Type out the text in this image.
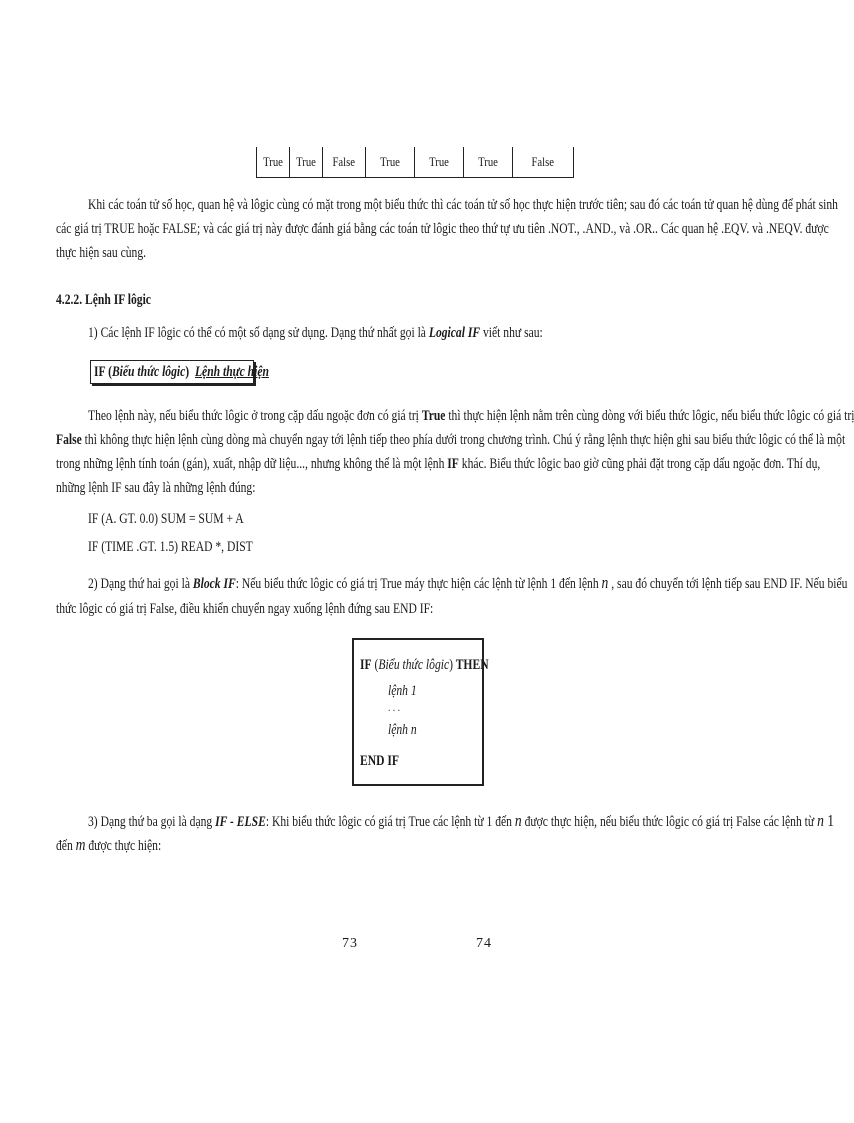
True	True	False	True	True	True	False
Khi các toán tử số học, quan hệ và lôgic cùng có mặt trong một biểu thức thì các toán tử số học thực hiện trước tiên; sau đó các toán tử quan hệ dùng để phát sinh
các giá trị TRUE hoặc FALSE; và các giá trị này được đánh giá bằng các toán tử lôgic theo thứ tự ưu tiên .NOT., .AND., và .OR.. Các quan hệ .EQV. và .NEQV. được
thực hiện sau cùng.
4.2.2. Lệnh IF lôgic
1) Các lệnh IF lôgic có thể có một số dạng sử dụng. Dạng thứ nhất gọi là Logical IF viết như sau:
IF (Biểu thức lôgic) Lệnh thực hiện
Theo lệnh này, nếu biểu thức lôgic ở trong cặp dấu ngoặc đơn có giá trị True thì thực hiện lệnh nằm trên cùng dòng với biểu thức lôgic, nếu biểu thức lôgic có giá trị
False thì không thực hiện lệnh cùng dòng mà chuyển ngay tới lệnh tiếp theo phía dưới trong chương trình. Chú ý rằng lệnh thực hiện ghi sau biểu thức lôgic có thể là một
trong những lệnh tính toán (gán), xuất, nhập dữ liệu..., nhưng không thể là một lệnh IF khác. Biểu thức lôgic bao giờ cũng phải đặt trong cặp dấu ngoặc đơn. Thí dụ,
những lệnh IF sau đây là những lệnh đúng:
IF (A. GT. 0.0) SUM = SUM + A
IF (TIME .GT. 1.5) READ *, DIST
2) Dạng thứ hai gọi là Block IF: Nếu biểu thức lôgic có giá trị True máy thực hiện các lệnh từ lệnh 1 đến lệnh n , sau đó chuyển tới lệnh tiếp sau END IF. Nếu biểu
thức lôgic có giá trị False, điều khiển chuyển ngay xuống lệnh đứng sau END IF:
IF (Biểu thức lôgic) THEN
lệnh 1
. . .
lệnh n
END IF
3) Dạng thứ ba gọi là dạng IF - ELSE: Khi biểu thức lôgic có giá trị True các lệnh từ 1 đến n được thực hiện, nếu biểu thức lôgic có giá trị False các lệnh từ n 1
đến m được thực hiện:
73	74
